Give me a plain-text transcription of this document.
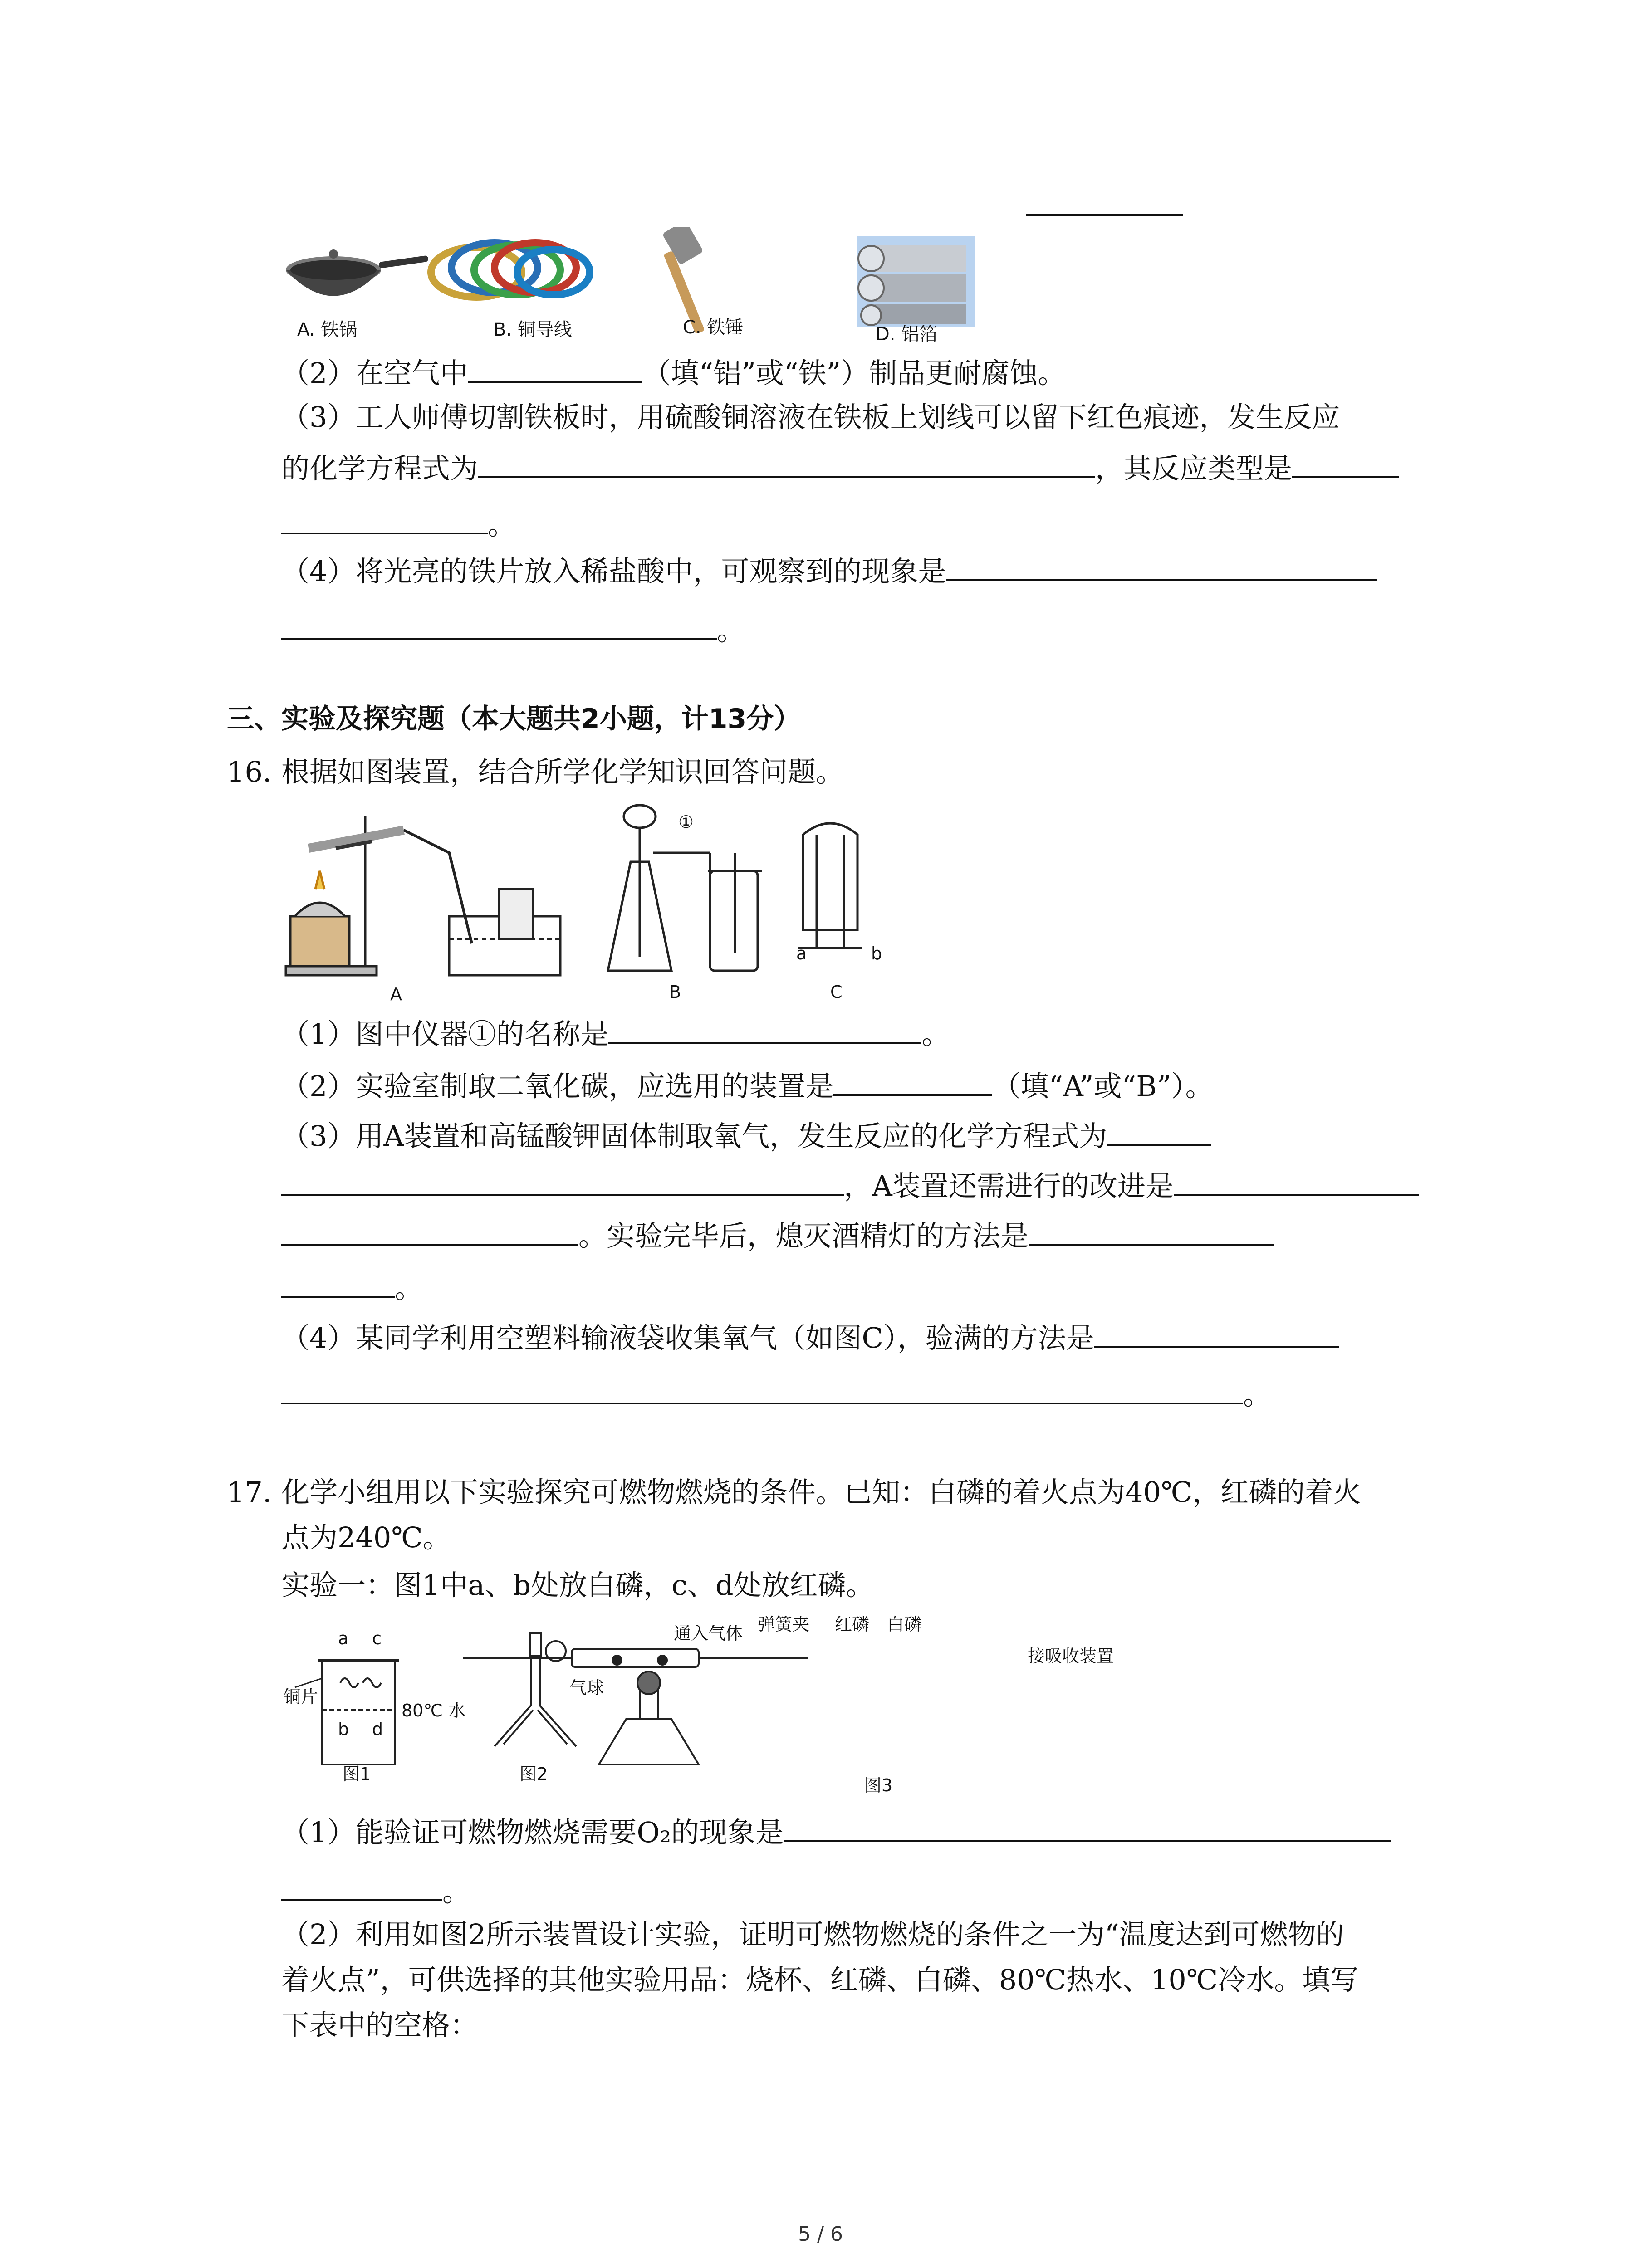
A. 铁锅	B. 铜导线	C. 铁锤	D. 铝箔
（2）在空气中	（填“铝”或“铁”）制品更耐腐蚀。
（3）工人师傅切割铁板时，用硫酸铜溶液在铁板上划线可以留下红色痕迹，发生反应
的化学方程式为	，其反应类型是
。
（4）将光亮的铁片放入稀盐酸中，可观察到的现象是
。
三、实验及探究题（本大题共2小题，计13分）
16. 根据如图装置，结合所学化学知识回答问题。
A	B	C
①
a	b
（1）图中仪器①的名称是	。
（2）实验室制取二氧化碳，应选用的装置是	（填“A”或“B”）。
（3）用A装置和高锰酸钾固体制取氧气，发生反应的化学方程式为
，A装置还需进行的改进是
。实验完毕后，熄灭酒精灯的方法是
。
（4）某同学利用空塑料输液袋收集氧气（如图C），验满的方法是
。
17. 化学小组用以下实验探究可燃物燃烧的条件。已知：白磷的着火点为40℃，红磷的着火
点为240℃。
实验一：图1中a、b处放白磷，c、d处放红磷。
a c
b d
铜片
80℃ 水
图1
气球
图2
通入气体 弹簧夹 红磷 白磷
接吸收装置
图3
（1）能验证可燃物燃烧需要O₂的现象是
。
（2）利用如图2所示装置设计实验，证明可燃物燃烧的条件之一为“温度达到可燃物的
着火点”，可供选择的其他实验用品：烧杯、红磷、白磷、80℃热水、10℃冷水。填写
下表中的空格：
5 / 6
